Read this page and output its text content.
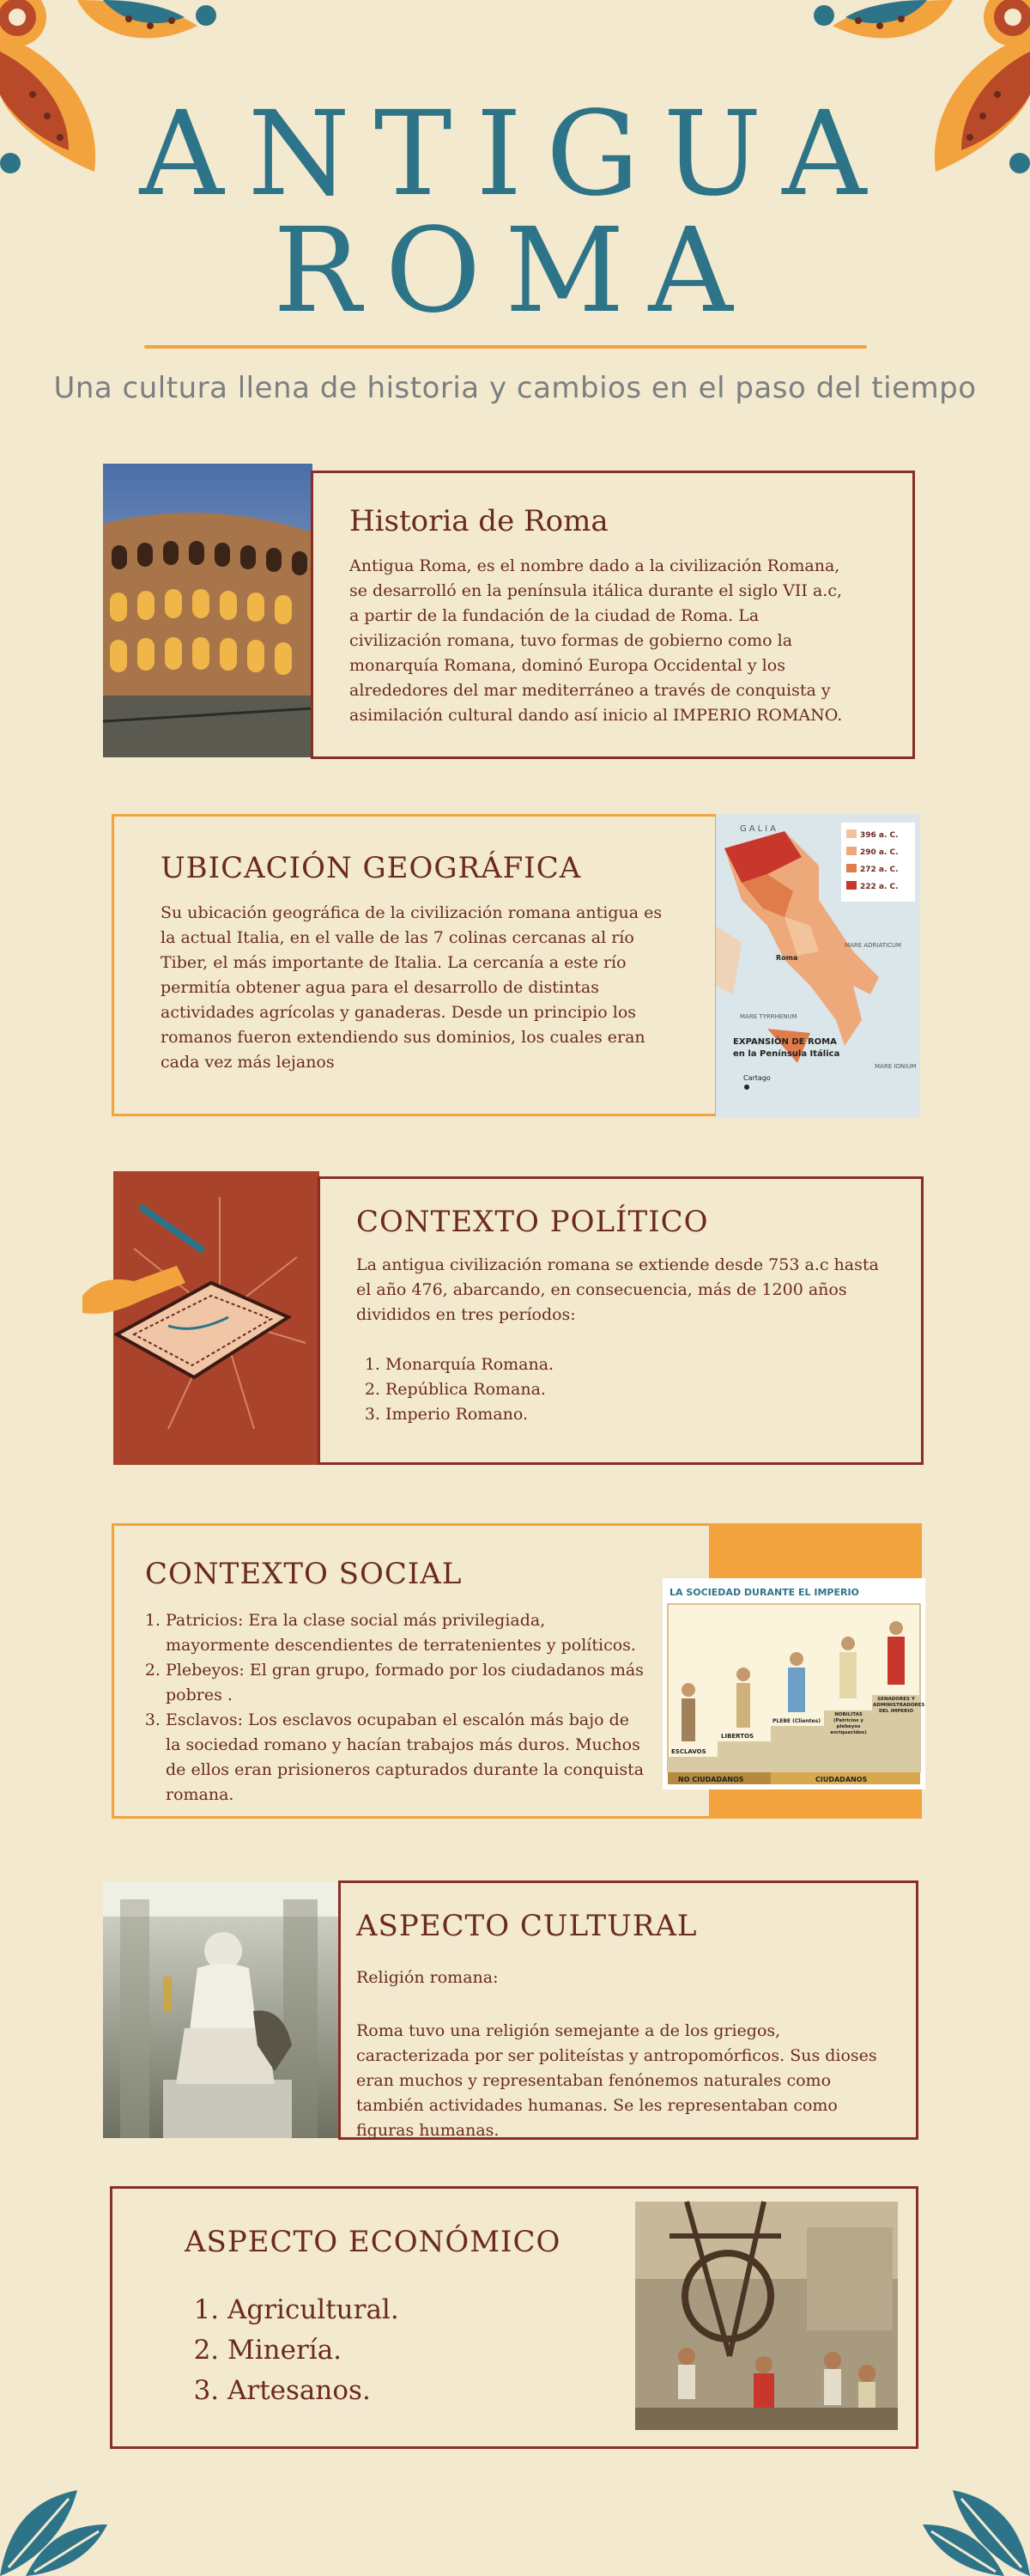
ANTIGUA
ROMA
Una cultura llena de historia y cambios en el paso del tiempo
Historia de Roma

Antigua Roma, es el nombre dado a la civilización Romana, se desarrolló en la península itálica durante el siglo VII a.c, a partir de la fundación de la ciudad de Roma. La civilización romana, tuvo formas de gobierno como la monarquía Romana, dominó Europa Occidental y los alrededores del mar mediterráneo a través de conquista y asimilación cultural dando así inicio al IMPERIO ROMANO.

UBICACIÓN GEOGRÁFICA

Su ubicación geográfica de la civilización romana antigua es la actual Italia, en el valle de las 7 colinas cercanas al río Tiber, el más importante de Italia. La cercanía a este río permitía obtener agua para el desarrollo de distintas actividades agrícolas y ganaderas. Desde un principio los romanos fueron extendiendo sus dominios, los cuales eran cada vez más lejanos

396 a. C.
290 a. C.
272 a. C.
222 a. C.
GALIA
Roma
MARE TYRRHENUM
MARE ADRIATICUM
MARE IONIUM
EXPANSIÓN DE ROMA
en la Península Itálica
Cartago
CONTEXTO POLÍTICO

La antigua civilización romana se extiende desde 753 a.c hasta el año 476, abarcando, en consecuencia, más de 1200 años divididos en tres períodos:

1. Monarquía Romana.
2. República Romana.
3. Imperio Romano.
CONTEXTO SOCIAL
1. Patricios: Era la clase social más privilegiada, mayormente descendientes de terratenientes y políticos.
2. Plebeyos: El gran grupo, formado por los ciudadanos más pobres .
3. Esclavos: Los esclavos ocupaban el escalón más bajo de la sociedad romano y hacían trabajos más duros. Muchos de ellos eran prisioneros capturados durante la conquista romana.
LA SOCIEDAD DURANTE EL IMPERIO
ESCLAVOS
LIBERTOS
PLEBE (Clientes)
NOBILITAS (Patricios y plebeyos enriquecidos)
SENADORES Y ADMINISTRADORES DEL IMPERIO
NO CIUDADANOS	CIUDADANOS
ASPECTO CULTURAL

Religión romana:

Roma tuvo una religión semejante a de los griegos, caracterizada por ser politeístas y antropomórficos. Sus dioses eran muchos y representaban fenónemos naturales como también actividades humanas. Se les representaban como figuras humanas.

ASPECTO ECONÓMICO
1. Agricultural.
2. Minería.
3. Artesanos.
